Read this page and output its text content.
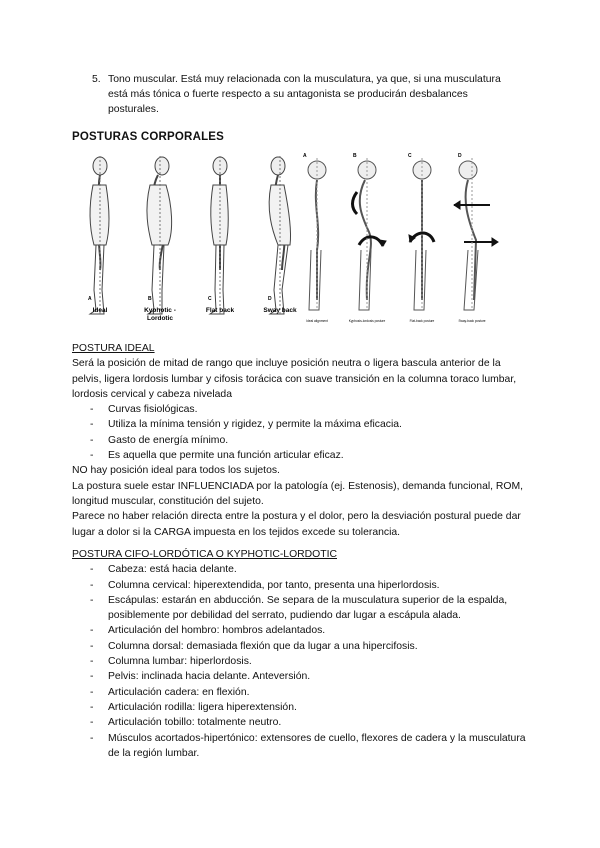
5. Tono muscular. Está muy relacionada con la musculatura, ya que, si una musculatura está más tónica o fuerte respecto a su antagonista se producirán desbalances posturales.
POSTURAS CORPORALES
A
Ideal
B
Kyphotic -
Lordotic
C
Flat back
D
Sway back
A
Ideal alignment
B
Kyphosis-lordosis posture
C
Flat-back posture
D
Sway-back posture
POSTURA IDEAL
Será la posición de mitad de rango que incluye posición neutra o ligera bascula anterior de la pelvis, ligera lordosis lumbar y cifosis torácica con suave transición en la columna toraco lumbar, lordosis cervical y cabeza nivelada
- Curvas fisiológicas.
- Utiliza la mínima tensión y rigidez, y permite la máxima eficacia.
- Gasto de energía mínimo.
- Es aquella que permite una función articular eficaz.
NO hay posición ideal para todos los sujetos.
La postura suele estar INFLUENCIADA por la patología (ej. Estenosis), demanda funcional, ROM, longitud muscular, constitución del sujeto.
Parece no haber relación directa entre la postura y el dolor, pero la desviación postural puede dar lugar a dolor si la CARGA impuesta en los tejidos excede su tolerancia.
POSTURA CIFO-LORDÓTICA O KYPHOTIC-LORDOTIC
- Cabeza: está hacia delante.
- Columna cervical: hiperextendida, por tanto, presenta una hiperlordosis.
- Escápulas: estarán en abducción. Se separa de la musculatura superior de la espalda, posiblemente por debilidad del serrato, pudiendo dar lugar a escápula alada.
- Articulación del hombro: hombros adelantados.
- Columna dorsal: demasiada flexión que da lugar a una hipercifosis.
- Columna lumbar: hiperlordosis.
- Pelvis: inclinada hacia delante. Anteversión.
- Articulación cadera: en flexión.
- Articulación rodilla: ligera hiperextensión.
- Articulación tobillo: totalmente neutro.
- Músculos acortados-hipertónico: extensores de cuello, flexores de cadera y la musculatura de la región lumbar.
